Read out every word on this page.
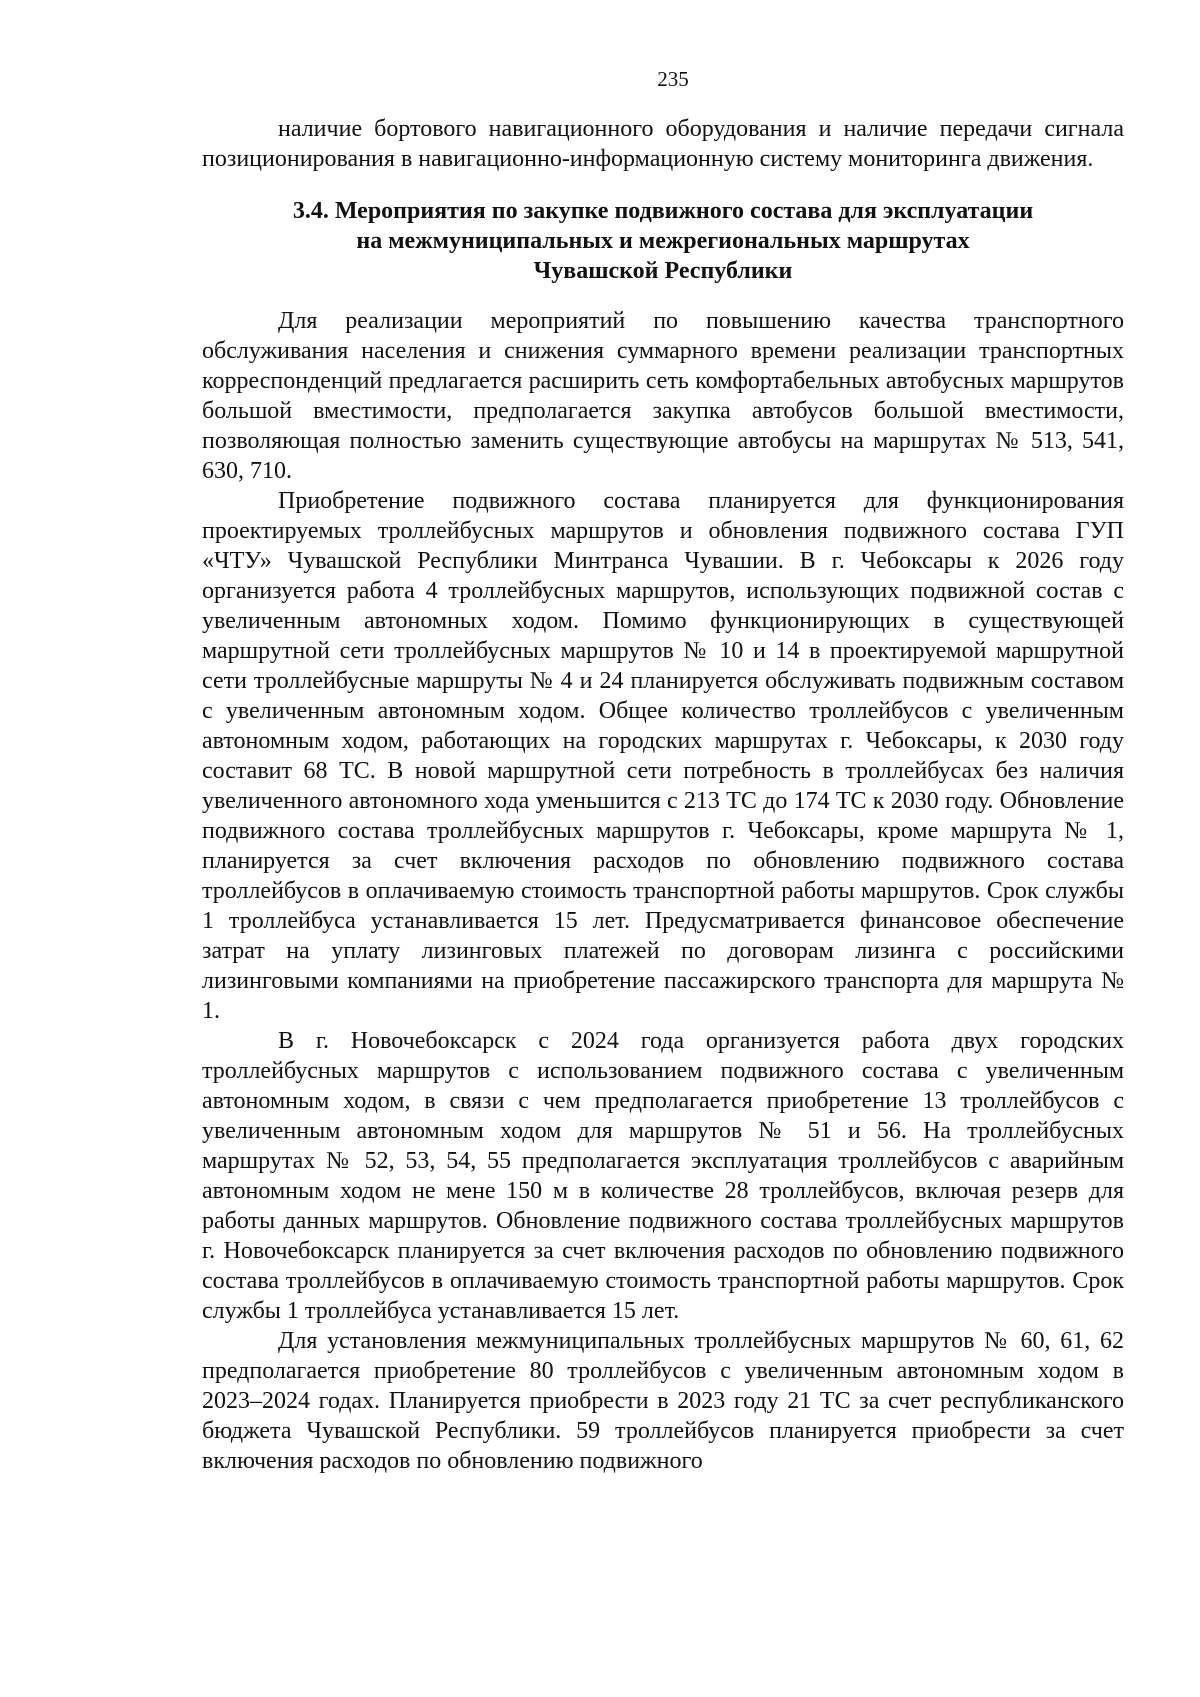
235

наличие бортового навигационного оборудования и наличие передачи сигнала позиционирования в навигационно-информационную систему мониторинга движения.

3.4. Мероприятия по закупке подвижного состава для эксплуатации
на межмуниципальных и межрегиональных маршрутах
Чувашской Республики

Для реализации мероприятий по повышению качества транспортного обслуживания населения и снижения суммарного времени реализации транспортных корреспонденций предлагается расширить сеть комфортабельных автобусных маршрутов большой вместимости, предполагается закупка автобусов большой вместимости, позволяющая полностью заменить существующие автобусы на маршрутах № 513, 541, 630, 710.

Приобретение подвижного состава планируется для функционирования проектируемых троллейбусных маршрутов и обновления подвижного состава ГУП «ЧТУ» Чувашской Республики Минтранса Чувашии. В г. Чебоксары к 2026 году организуется работа 4 троллейбусных маршрутов, использующих подвижной состав с увеличенным автономных ходом. Помимо функционирующих в существующей маршрутной сети троллейбусных маршрутов № 10 и 14 в проектируемой маршрутной сети троллейбусные маршруты № 4 и 24 планируется обслуживать подвижным составом с увеличенным автономным ходом. Общее количество троллейбусов с увеличенным автономным ходом, работающих на городских маршрутах г. Чебоксары, к 2030 году составит 68 ТС. В новой маршрутной сети потребность в троллейбусах без наличия увеличенного автономного хода уменьшится с 213 ТС до 174 ТС к 2030 году. Обновление подвижного состава троллейбусных маршрутов г. Чебоксары, кроме маршрута № 1, планируется за счет включения расходов по обновлению подвижного состава троллейбусов в оплачиваемую стоимость транспортной работы маршрутов. Срок службы 1 троллейбуса устанавливается 15 лет. Предусматривается финансовое обеспечение затрат на уплату лизинговых платежей по договорам лизинга с российскими лизинговыми компаниями на приобретение пассажирского транспорта для маршрута № 1.

В г. Новочебоксарск с 2024 года организуется работа двух городских троллейбусных маршрутов с использованием подвижного состава с увеличенным автономным ходом, в связи с чем предполагается приобретение 13 троллейбусов с увеличенным автономным ходом для маршрутов № 51 и 56. На троллейбусных маршрутах № 52, 53, 54, 55 предполагается эксплуатация троллейбусов с аварийным автономным ходом не мене 150 м в количестве 28 троллейбусов, включая резерв для работы данных маршрутов. Обновление подвижного состава троллейбусных маршрутов г. Новочебоксарск планируется за счет включения расходов по обновлению подвижного состава троллейбусов в оплачиваемую стоимость транспортной работы маршрутов. Срок службы 1 троллейбуса устанавливается 15 лет.

Для установления межмуниципальных троллейбусных маршрутов № 60, 61, 62 предполагается приобретение 80 троллейбусов с увеличенным автономным ходом в 2023–2024 годах. Планируется приобрести в 2023 году 21 ТС за счет республиканского бюджета Чувашской Республики. 59 троллейбусов планируется приобрести за счет включения расходов по обновлению подвижного
